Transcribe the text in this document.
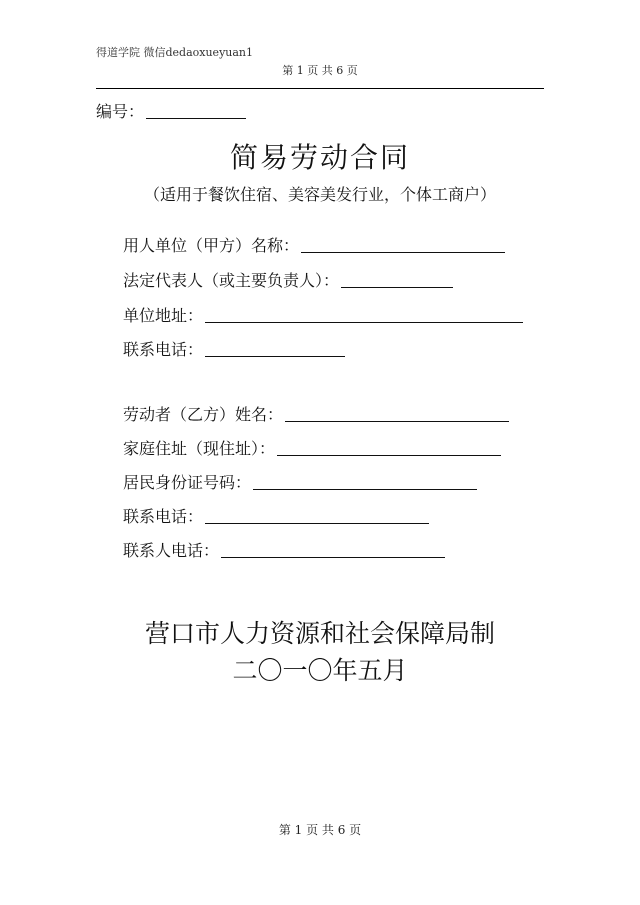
得道学院 微信dedaoxueyuan1
第 1 页 共 6 页
编号：
简易劳动合同
（适用于餐饮住宿、美容美发行业，个体工商户）
用人单位（甲方）名称：
法定代表人（或主要负责人）：
单位地址：
联系电话：
劳动者（乙方）姓名：
家庭住址（现住址）：
居民身份证号码：
联系电话：
联系人电话：
营口市人力资源和社会保障局制
二〇一〇年五月
第 1 页 共 6 页
